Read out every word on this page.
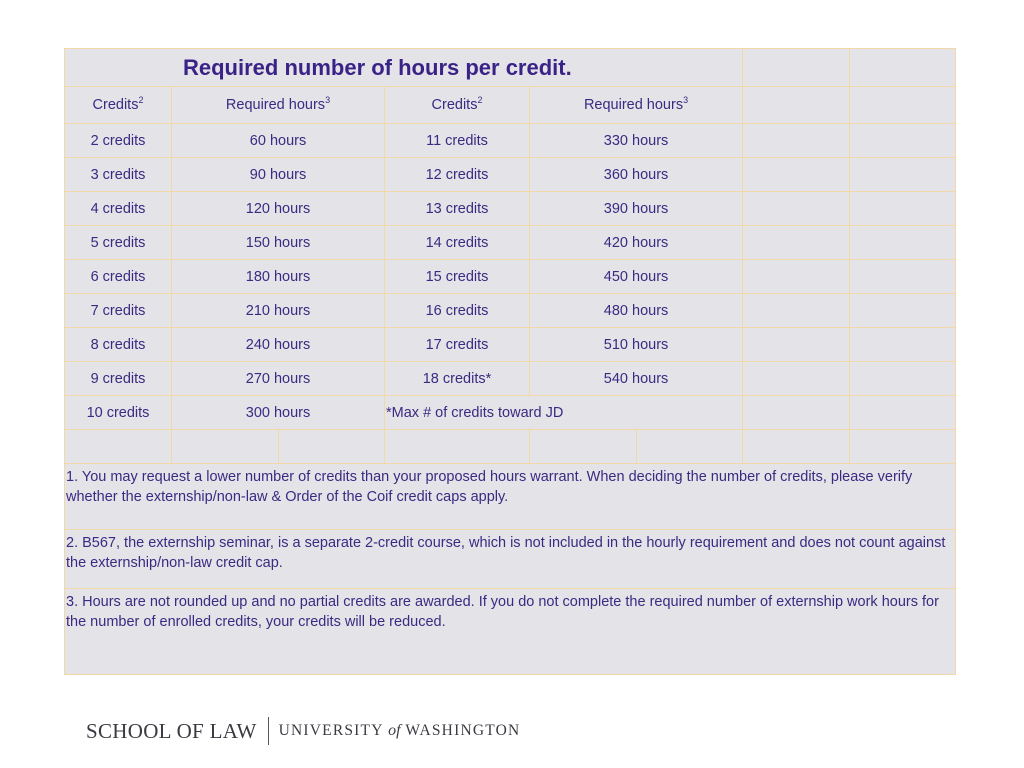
Required number of hours per credit.							
Credits$^2$	Required hours$^3$		Credits$^2$	Required hours$^3$		
2 credits	60 hours		11 credits	330 hours			
3 credits	90 hours		12 credits	360 hours			
4 credits	120 hours		13 credits	390 hours			
5 credits	150 hours		14 credits	420 hours			
6 credits	180 hours		15 credits	450 hours			
7 credits	210 hours		16 credits	480 hours			
8 credits	240 hours		17 credits	510 hours			
9 credits	270 hours		18 credits*	540 hours			
10 credits	300 hours		*Max # of credits toward JD				

1. You may request a lower number of credits than your proposed hours warrant. When deciding the number of credits, please verify whether the externship/non-law & Order of the Coif credit caps apply.							
2. B567, the externship seminar, is a separate 2-credit course, which is not included in the hourly requirement and does not count against the externship/non-law credit cap.							
3. Hours are not rounded up and no partial credits are awarded. If you do not complete the required number of externship work hours for the number of enrolled credits, your credits will be reduced.							
SCHOOL OF LAW UNIVERSITY of WASHINGTON
